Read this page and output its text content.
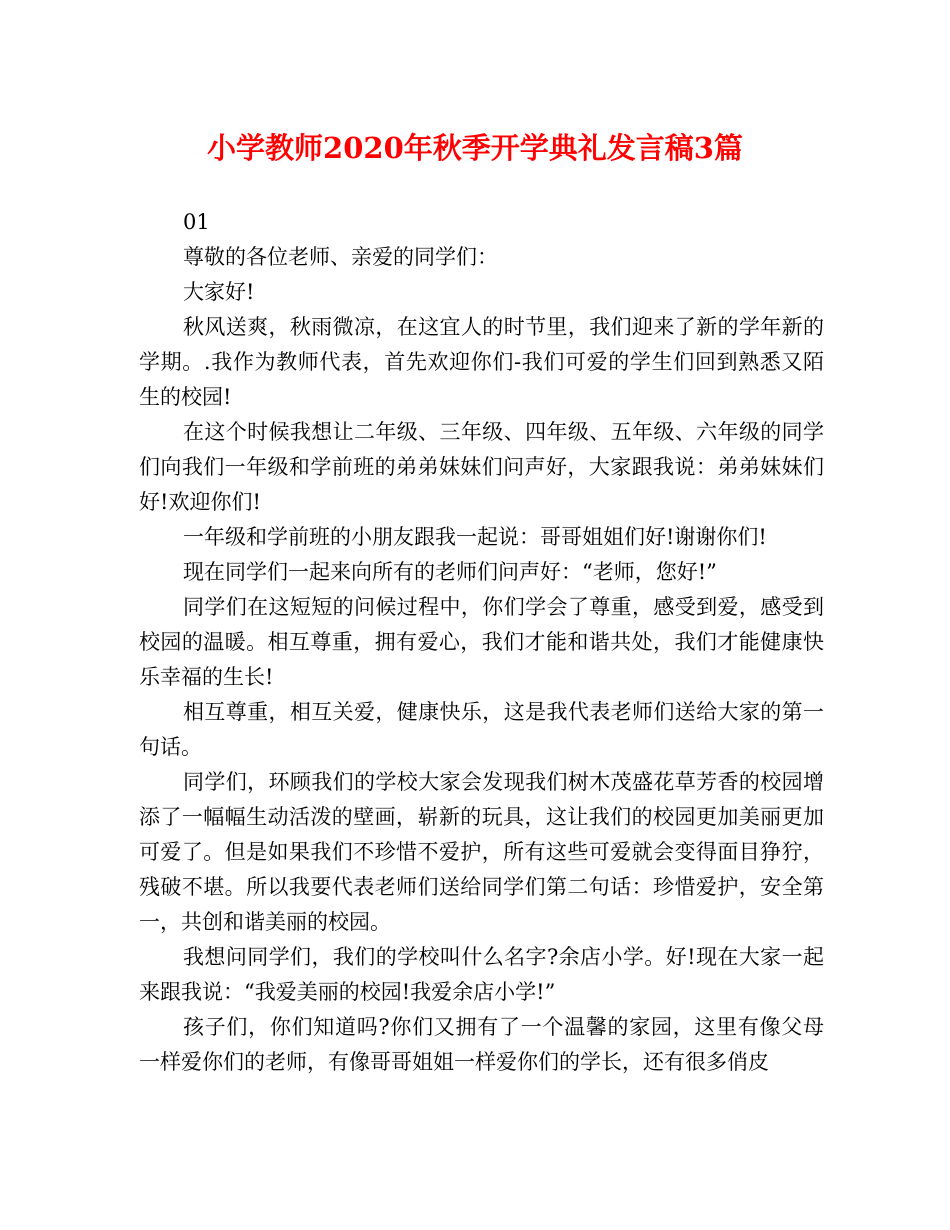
小学教师2020年秋季开学典礼发言稿3篇

01

尊敬的各位老师、亲爱的同学们：

大家好!

秋风送爽，秋雨微凉，在这宜人的时节里，我们迎来了新的学年新的学期。.我作为教师代表，首先欢迎你们-我们可爱的学生们回到熟悉又陌生的校园!

在这个时候我想让二年级、三年级、四年级、五年级、六年级的同学们向我们一年级和学前班的弟弟妹妹们问声好，大家跟我说：弟弟妹妹们好!欢迎你们!

一年级和学前班的小朋友跟我一起说：哥哥姐姐们好!谢谢你们!

现在同学们一起来向所有的老师们问声好：“老师，您好!”

同学们在这短短的问候过程中，你们学会了尊重，感受到爱，感受到校园的温暖。相互尊重，拥有爱心，我们才能和谐共处，我们才能健康快乐幸福的生长!

相互尊重，相互关爱，健康快乐，这是我代表老师们送给大家的第一句话。

同学们，环顾我们的学校大家会发现我们树木茂盛花草芳香的校园增添了一幅幅生动活泼的壁画，崭新的玩具，这让我们的校园更加美丽更加可爱了。但是如果我们不珍惜不爱护，所有这些可爱就会变得面目狰狞，残破不堪。所以我要代表老师们送给同学们第二句话：珍惜爱护，安全第一，共创和谐美丽的校园。

我想问同学们，我们的学校叫什么名字?余店小学。好!现在大家一起来跟我说：“我爱美丽的校园!我爱余店小学!”

孩子们，你们知道吗?你们又拥有了一个温馨的家园，这里有像父母一样爱你们的老师，有像哥哥姐姐一样爱你们的学长，还有很多俏皮
